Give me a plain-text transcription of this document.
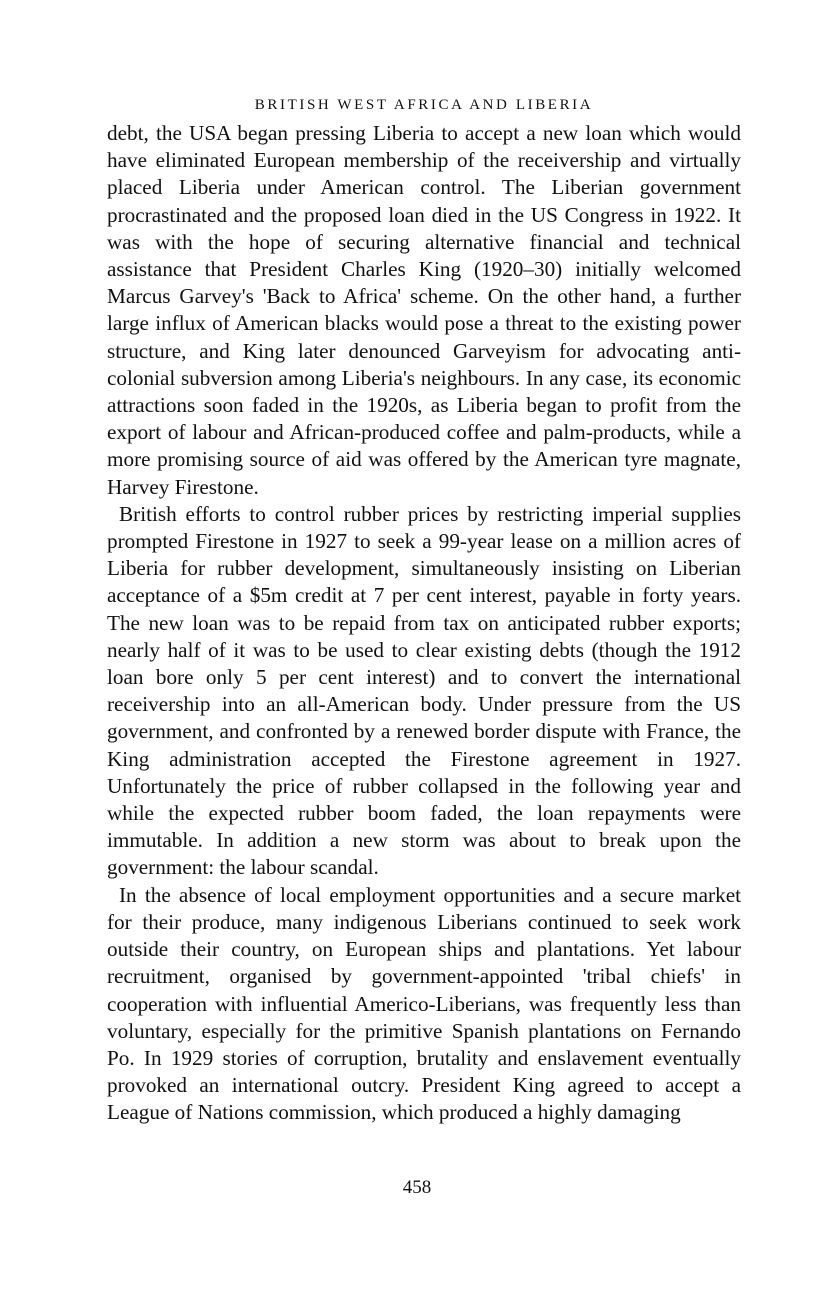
BRITISH WEST AFRICA AND LIBERIA

debt, the USA began pressing Liberia to accept a new loan which would have eliminated European membership of the receivership and virtually placed Liberia under American control. The Liberian government procrastinated and the proposed loan died in the US Congress in 1922. It was with the hope of securing alternative financial and technical assistance that President Charles King (1920–30) initially welcomed Marcus Garvey's 'Back to Africa' scheme. On the other hand, a further large influx of American blacks would pose a threat to the existing power structure, and King later denounced Garveyism for advocating anti-colonial subversion among Liberia's neighbours. In any case, its economic attractions soon faded in the 1920s, as Liberia began to profit from the export of labour and African-produced coffee and palm-products, while a more promising source of aid was offered by the American tyre magnate, Harvey Firestone.

British efforts to control rubber prices by restricting imperial supplies prompted Firestone in 1927 to seek a 99-year lease on a million acres of Liberia for rubber development, simultaneously insisting on Liberian acceptance of a $5m credit at 7 per cent interest, payable in forty years. The new loan was to be repaid from tax on anticipated rubber exports; nearly half of it was to be used to clear existing debts (though the 1912 loan bore only 5 per cent interest) and to convert the international receivership into an all-American body. Under pressure from the US government, and confronted by a renewed border dispute with France, the King administration accepted the Firestone agreement in 1927. Unfortunately the price of rubber collapsed in the following year and while the expected rubber boom faded, the loan repayments were immutable. In addition a new storm was about to break upon the government: the labour scandal.

In the absence of local employment opportunities and a secure market for their produce, many indigenous Liberians continued to seek work outside their country, on European ships and plantations. Yet labour recruitment, organised by government-appointed 'tribal chiefs' in cooperation with influential Americo-Liberians, was frequently less than voluntary, especially for the primitive Spanish plantations on Fernando Po. In 1929 stories of corruption, brutality and enslavement eventually provoked an international outcry. President King agreed to accept a League of Nations commission, which produced a highly damaging

458
